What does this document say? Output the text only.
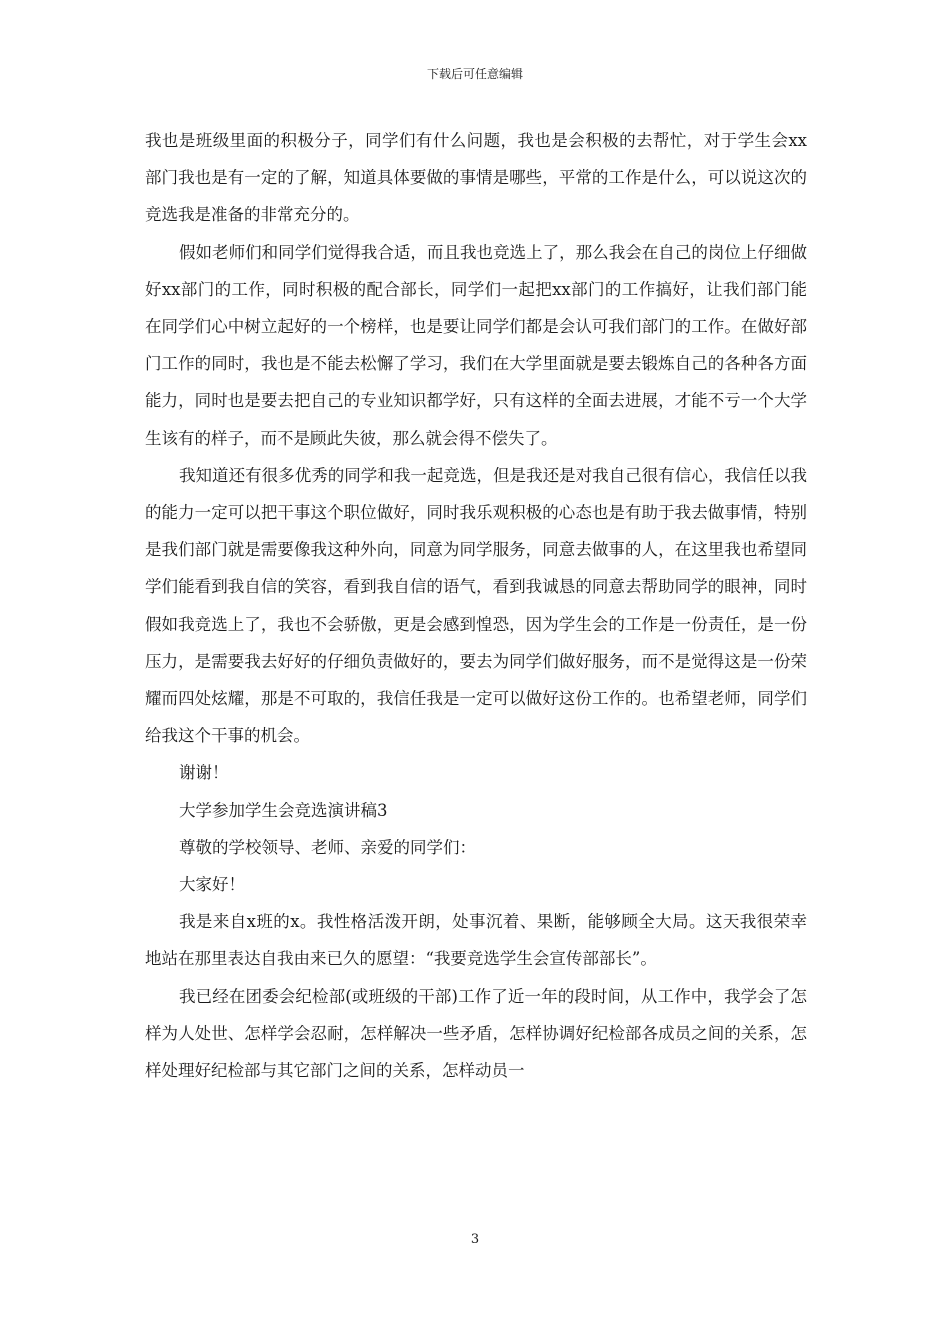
下载后可任意编辑

我也是班级里面的积极分子，同学们有什么问题，我也是会积极的去帮忙，对于学生会xx部门我也是有一定的了解，知道具体要做的事情是哪些，平常的工作是什么，可以说这次的竞选我是准备的非常充分的。

假如老师们和同学们觉得我合适，而且我也竞选上了，那么我会在自己的岗位上仔细做好xx部门的工作，同时积极的配合部长，同学们一起把xx部门的工作搞好，让我们部门能在同学们心中树立起好的一个榜样，也是要让同学们都是会认可我们部门的工作。在做好部门工作的同时，我也是不能去松懈了学习，我们在大学里面就是要去锻炼自己的各种各方面能力，同时也是要去把自己的专业知识都学好，只有这样的全面去进展，才能不亏一个大学生该有的样子，而不是顾此失彼，那么就会得不偿失了。

我知道还有很多优秀的同学和我一起竞选，但是我还是对我自己很有信心，我信任以我的能力一定可以把干事这个职位做好，同时我乐观积极的心态也是有助于我去做事情，特别是我们部门就是需要像我这种外向，同意为同学服务，同意去做事的人，在这里我也希望同学们能看到我自信的笑容，看到我自信的语气，看到我诚恳的同意去帮助同学的眼神，同时假如我竞选上了，我也不会骄傲，更是会感到惶恐，因为学生会的工作是一份责任，是一份压力，是需要我去好好的仔细负责做好的，要去为同学们做好服务，而不是觉得这是一份荣耀而四处炫耀，那是不可取的，我信任我是一定可以做好这份工作的。也希望老师，同学们给我这个干事的机会。

谢谢！

大学参加学生会竞选演讲稿3

尊敬的学校领导、老师、亲爱的同学们：

大家好！

我是来自x班的x。我性格活泼开朗，处事沉着、果断，能够顾全大局。这天我很荣幸地站在那里表达自我由来已久的愿望：“我要竞选学生会宣传部部长”。

我已经在团委会纪检部(或班级的干部)工作了近一年的段时间，从工作中，我学会了怎样为人处世、怎样学会忍耐，怎样解决一些矛盾，怎样协调好纪检部各成员之间的关系，怎样处理好纪检部与其它部门之间的关系，怎样动员一

3
